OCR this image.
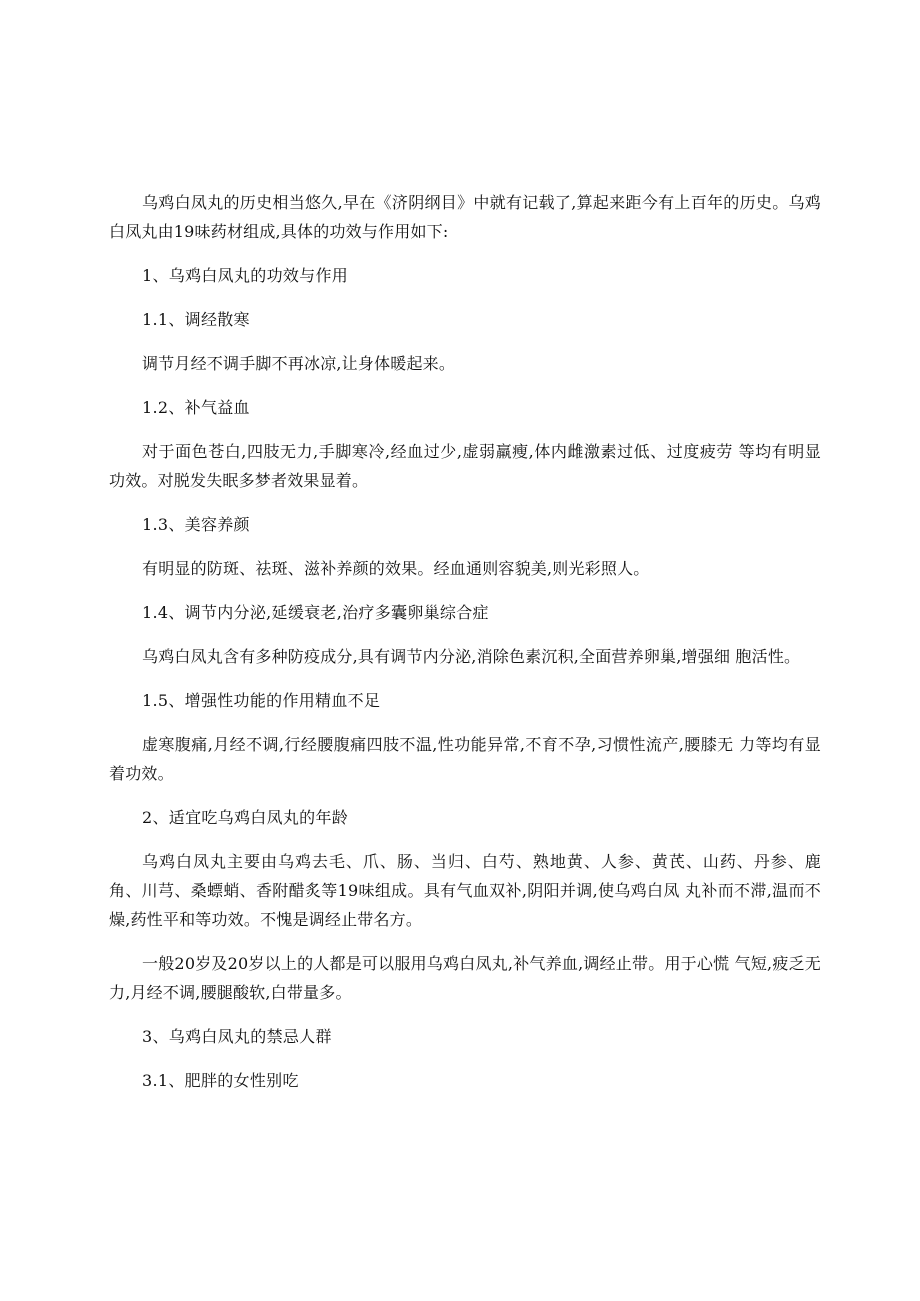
乌鸡白凤丸的历史相当悠久,早在《济阴纲目》中就有记载了,算起来距今有上百年的历史。乌鸡白凤丸由19味药材组成,具体的功效与作用如下:

1、乌鸡白凤丸的功效与作用

1.1、调经散寒

调节月经不调手脚不再冰凉,让身体暖起来。

1.2、补气益血

对于面色苍白,四肢无力,手脚寒冷,经血过少,虚弱羸瘦,体内雌激素过低、过度疲劳 等均有明显功效。对脱发失眠多梦者效果显着。

1.3、美容养颜

有明显的防斑、祛斑、滋补养颜的效果。经血通则容貌美,则光彩照人。

1.4、调节内分泌,延缓衰老,治疗多囊卵巢综合症

乌鸡白凤丸含有多种防疫成分,具有调节内分泌,消除色素沉积,全面营养卵巢,增强细 胞活性。

1.5、增强性功能的作用精血不足

虚寒腹痛,月经不调,行经腰腹痛四肢不温,性功能异常,不育不孕,习惯性流产,腰膝无 力等均有显着功效。

2、适宜吃乌鸡白凤丸的年龄

乌鸡白凤丸主要由乌鸡去毛、爪、肠、当归、白芍、熟地黄、人参、黄芪、山药、丹参、鹿角、川芎、桑螵蛸、香附醋炙等19味组成。具有气血双补,阴阳并调,使乌鸡白凤 丸补而不滞,温而不燥,药性平和等功效。不愧是调经止带名方。

一般20岁及20岁以上的人都是可以服用乌鸡白凤丸,补气养血,调经止带。用于心慌 气短,疲乏无力,月经不调,腰腿酸软,白带量多。

3、乌鸡白凤丸的禁忌人群

3.1、肥胖的女性别吃
